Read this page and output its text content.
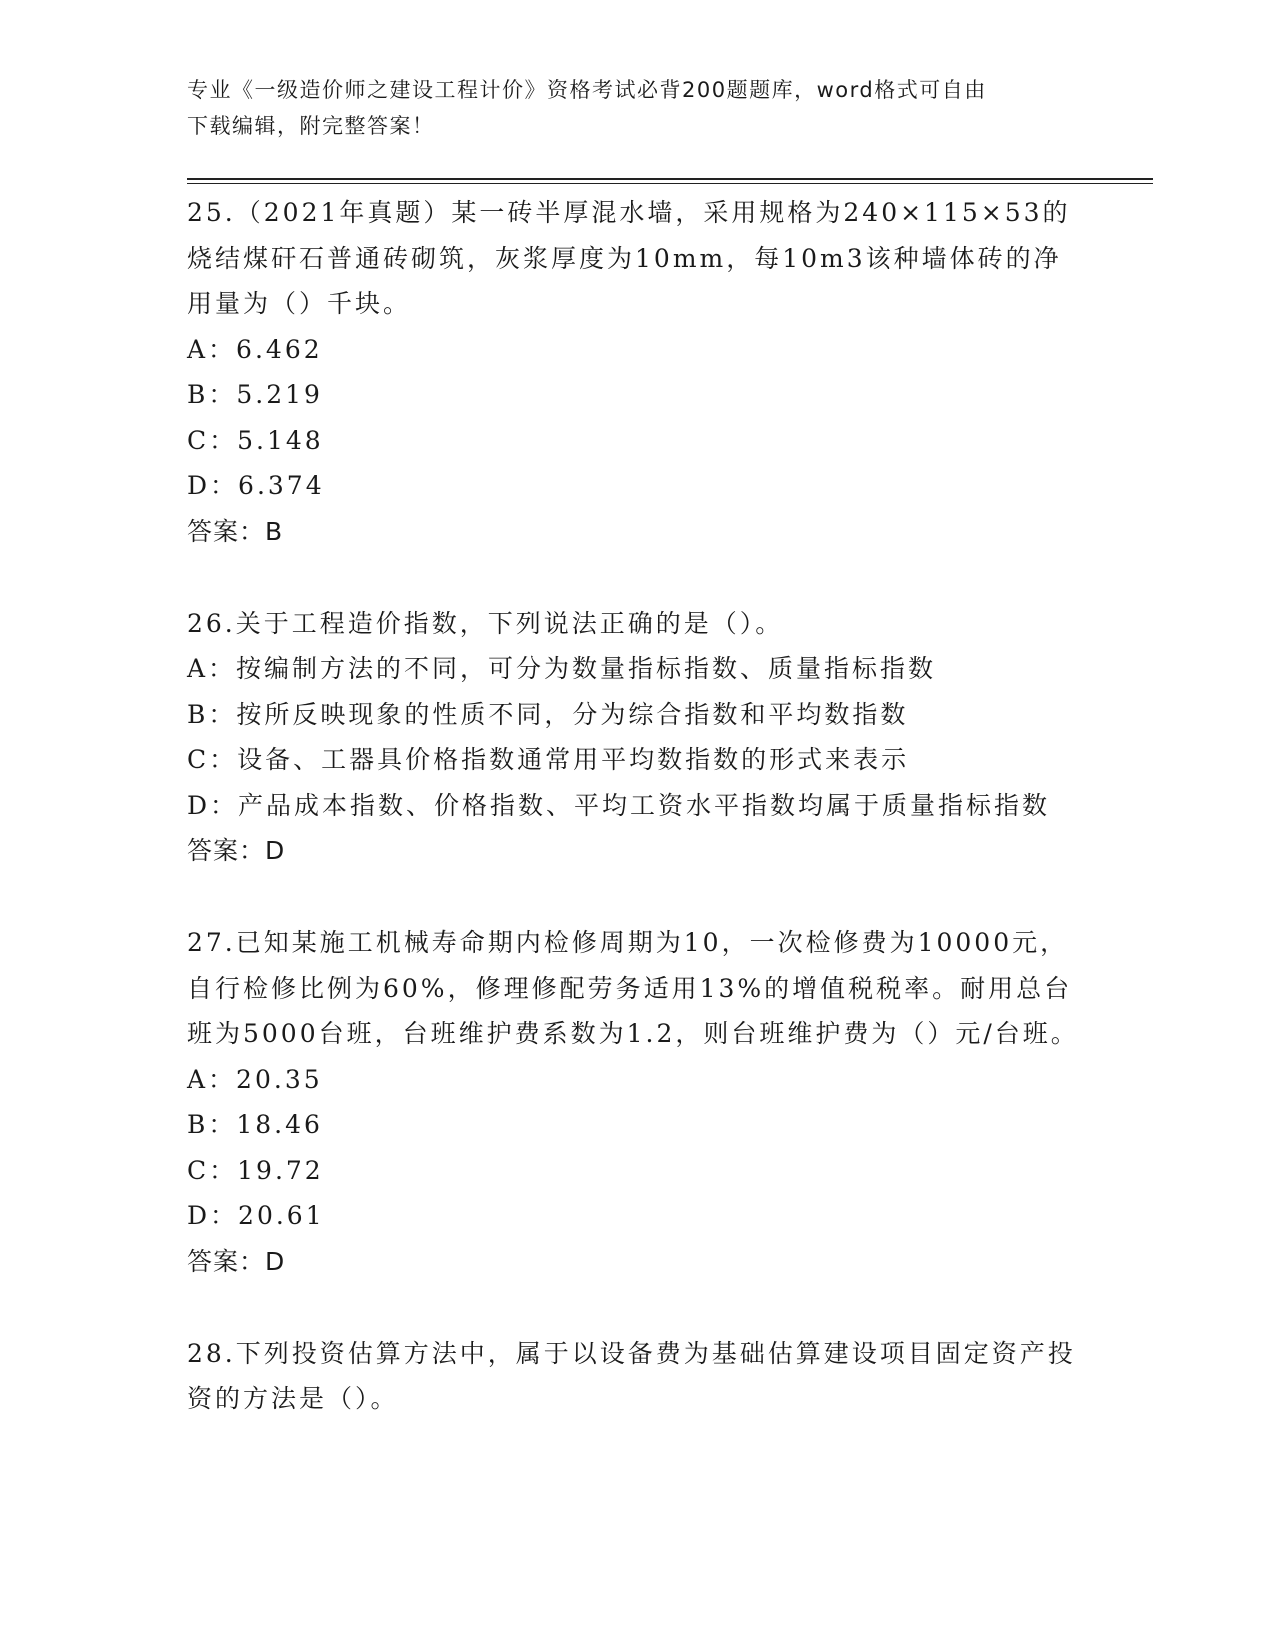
专业《一级造价师之建设工程计价》资格考试必背200题题库，word格式可自由
下载编辑，附完整答案！

25.（2021年真题）某一砖半厚混水墙，采用规格为240×115×53的烧结煤矸石普通砖砌筑，灰浆厚度为10mm，每10m3该种墙体砖的净用量为（）千块。

A：6.462

B：5.219

C：5.148

D：6.374

答案：B

26.关于工程造价指数，下列说法正确的是（）。

A：按编制方法的不同，可分为数量指标指数、质量指标指数

B：按所反映现象的性质不同，分为综合指数和平均数指数

C：设备、工器具价格指数通常用平均数指数的形式来表示

D：产品成本指数、价格指数、平均工资水平指数均属于质量指标指数

答案：D

27.已知某施工机械寿命期内检修周期为10，一次检修费为10000元，自行检修比例为60%，修理修配劳务适用13%的增值税税率。耐用总台班为5000台班，台班维护费系数为1.2，则台班维护费为（）元/台班。

A：20.35

B：18.46

C：19.72

D：20.61

答案：D

28.下列投资估算方法中，属于以设备费为基础估算建设项目固定资产投资的方法是（）。
